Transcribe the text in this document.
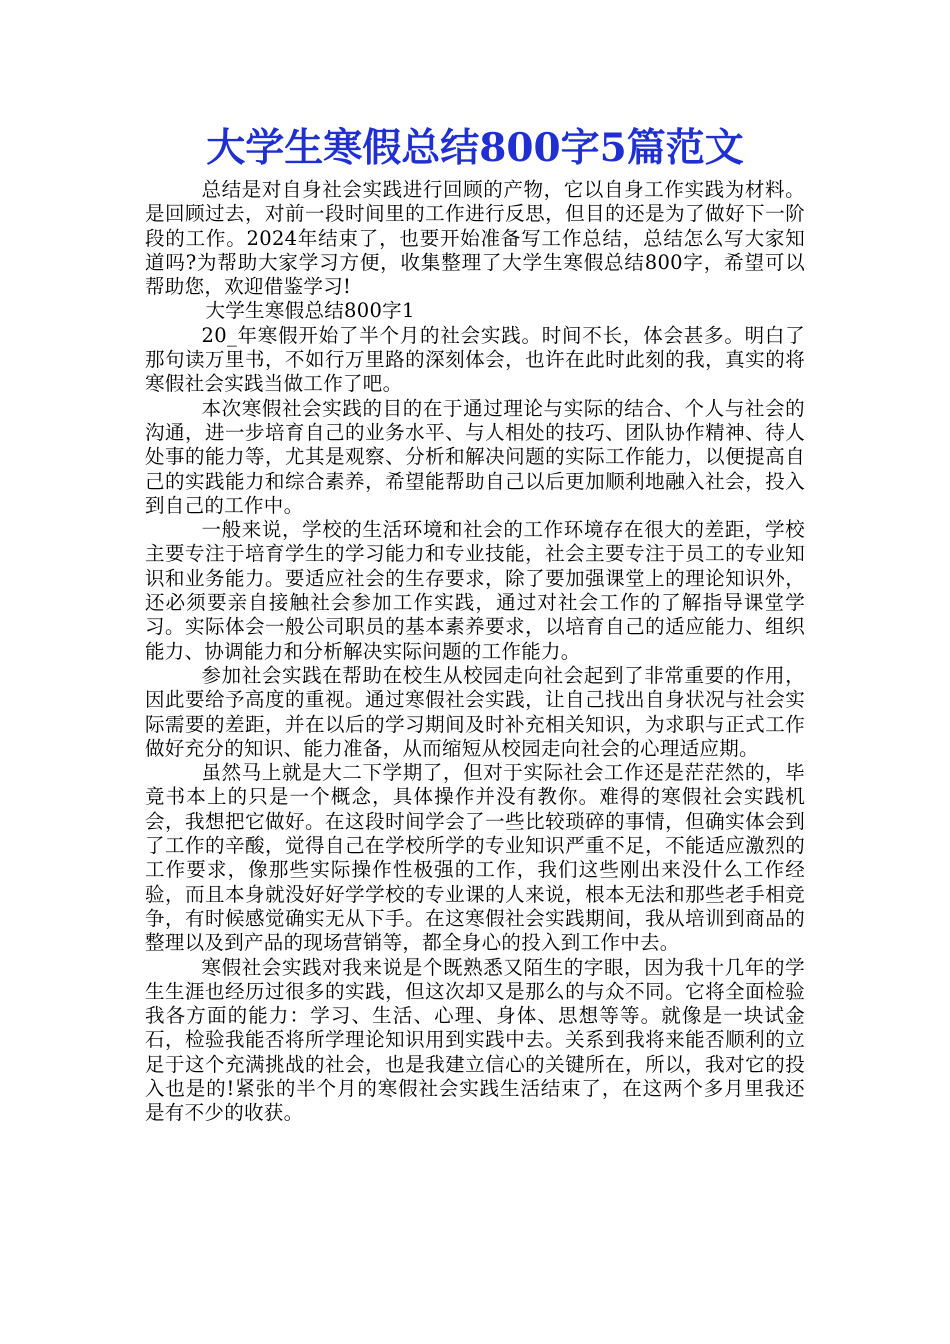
大学生寒假总结800字5篇范文

总结是对自身社会实践进行回顾的产物，它以自身工作实践为材料。是回顾过去，对前一段时间里的工作进行反思，但目的还是为了做好下一阶段的工作。2024年结束了，也要开始准备写工作总结，总结怎么写大家知道吗?为帮助大家学习方便，收集整理了大学生寒假总结800字，希望可以帮助您，欢迎借鉴学习!

大学生寒假总结800字1

20_年寒假开始了半个月的社会实践。时间不长，体会甚多。明白了那句读万里书，不如行万里路的深刻体会，也许在此时此刻的我，真实的将寒假社会实践当做工作了吧。

本次寒假社会实践的目的在于通过理论与实际的结合、个人与社会的沟通，进一步培育自己的业务水平、与人相处的技巧、团队协作精神、待人处事的能力等，尤其是观察、分析和解决问题的实际工作能力，以便提高自己的实践能力和综合素养，希望能帮助自己以后更加顺利地融入社会，投入到自己的工作中。

一般来说，学校的生活环境和社会的工作环境存在很大的差距，学校主要专注于培育学生的学习能力和专业技能，社会主要专注于员工的专业知识和业务能力。要适应社会的生存要求，除了要加强课堂上的理论知识外，还必须要亲自接触社会参加工作实践，通过对社会工作的了解指导课堂学习。实际体会一般公司职员的基本素养要求，以培育自己的适应能力、组织能力、协调能力和分析解决实际问题的工作能力。

参加社会实践在帮助在校生从校园走向社会起到了非常重要的作用，因此要给予高度的重视。通过寒假社会实践，让自己找出自身状况与社会实际需要的差距，并在以后的学习期间及时补充相关知识，为求职与正式工作做好充分的知识、能力准备，从而缩短从校园走向社会的心理适应期。

虽然马上就是大二下学期了，但对于实际社会工作还是茫茫然的，毕竟书本上的只是一个概念，具体操作并没有教你。难得的寒假社会实践机会，我想把它做好。在这段时间学会了一些比较琐碎的事情，但确实体会到了工作的辛酸，觉得自己在学校所学的专业知识严重不足，不能适应激烈的工作要求，像那些实际操作性极强的工作，我们这些刚出来没什么工作经验，而且本身就没好好学学校的专业课的人来说，根本无法和那些老手相竞争，有时候感觉确实无从下手。在这寒假社会实践期间，我从培训到商品的整理以及到产品的现场营销等，都全身心的投入到工作中去。

寒假社会实践对我来说是个既熟悉又陌生的字眼，因为我十几年的学生生涯也经历过很多的实践，但这次却又是那么的与众不同。它将全面检验我各方面的能力：学习、生活、心理、身体、思想等等。就像是一块试金石，检验我能否将所学理论知识用到实践中去。关系到我将来能否顺利的立足于这个充满挑战的社会，也是我建立信心的关键所在，所以，我对它的投入也是的!紧张的半个月的寒假社会实践生活结束了，在这两个多月里我还是有不少的收获。
